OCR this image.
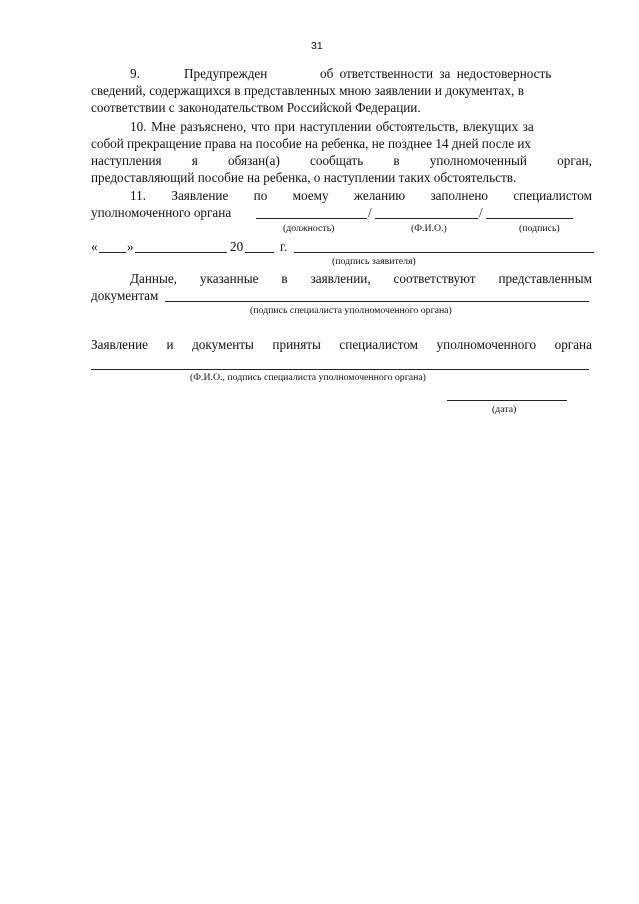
31
9.	Предупрежден	об ответственности за недостоверность
сведений, содержащихся в представленных мною заявлении и документах, в
соответствии с законодательством Российской Федерации.
10. Мне разъяснено, что при наступлении обстоятельств, влекущих за
собой прекращение права на пособие на ребенка, не позднее 14 дней после их
наступления я обязан(а) сообщать в уполномоченный орган,
предоставляющий пособие на ребенка, о наступлении таких обстоятельств.
11. Заявление по моему желанию заполнено специалистом
уполномоченного органа	/	/
(должность)	(Ф.И.О.)	(подпись)
« »	20	г.
(подпись заявителя)
Данные, указанные в заявлении, соответствуют представленным
документам
(подпись специалиста уполномоченного органа)
Заявление и документы приняты специалистом уполномоченного органа
(Ф.И.О., подпись специалиста уполномоченного органа)
(дата)
